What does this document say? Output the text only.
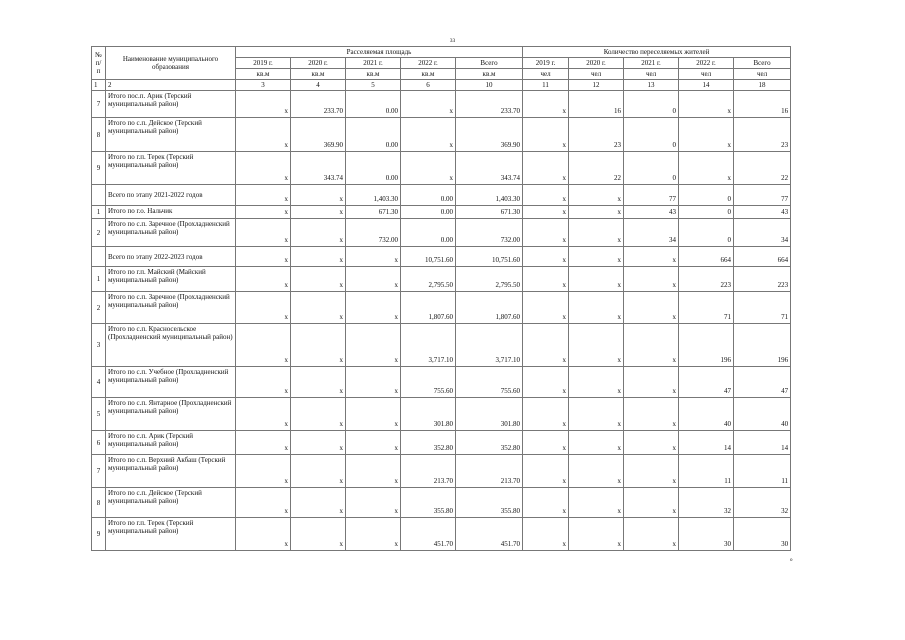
33
№ п/п	Наименование муниципального образования	Расселяемая площадь					Количество переселяемых жителей				
		2019 г.	2020 г.	2021 г.	2022 г.	Всего	2019 г.	2020 г.	2021 г.	2022 г.	Всего
		кв.м	кв.м	кв.м	кв.м	кв.м	чел	чел	чел	чел	чел
1	2	3	4	5	6	10	11	12	13	14	18
7	Итого пос.п. Арик (Терский муниципальный район)	x	233.70	0.00	x	233.70	x	16	0	x	16
8	Итого по с.п. Дейское (Терский муниципальный район)	x	369.90	0.00	x	369.90	x	23	0	x	23
9	Итого по г.п. Терек (Терский муниципальный район)	x	343.74	0.00	x	343.74	x	22	0	x	22
	Всего по этапу 2021-2022 годов	x	x	1,403.30	0.00	1,403.30	x	x	77	0	77
1	Итого по г.о. Нальчик	x	x	671.30	0.00	671.30	x	x	43	0	43
2	Итого по с.п. Заречное (Прохладненский муниципальный район)	x	x	732.00	0.00	732.00	x	x	34	0	34
	Всего по этапу 2022-2023 годов	x	x	x	10,751.60	10,751.60	x	x	x	664	664
1	Итого по г.п. Майский (Майский муниципальный район)	x	x	x	2,795.50	2,795.50	x	x	x	223	223
2	Итого по с.п. Заречное (Прохладненский муниципальный район)	x	x	x	1,807.60	1,807.60	x	x	x	71	71
3	Итого по с.п. Красносельское (Прохладненский муниципальный район)	x	x	x	3,717.10	3,717.10	x	x	x	196	196
4	Итого по с.п. Учебное (Прохладненский муниципальный район)	x	x	x	755.60	755.60	x	x	x	47	47
5	Итого по с.п. Янтарное (Прохладненский муниципальный район)	x	x	x	301.80	301.80	x	x	x	40	40
6	Итого по с.п. Арик (Терский муниципальный район)	x	x	x	352.80	352.80	x	x	x	14	14
7	Итого по с.п. Верхний Акбаш (Терский муниципальный район)	x	x	x	213.70	213.70	x	x	x	11	11
8	Итого по с.п. Дейское (Терский муниципальный район)	x	x	x	355.80	355.80	x	x	x	32	32
9	Итого по г.п. Терек (Терский муниципальный район)	x	x	x	451.70	451.70	x	x	x	30	30
о
